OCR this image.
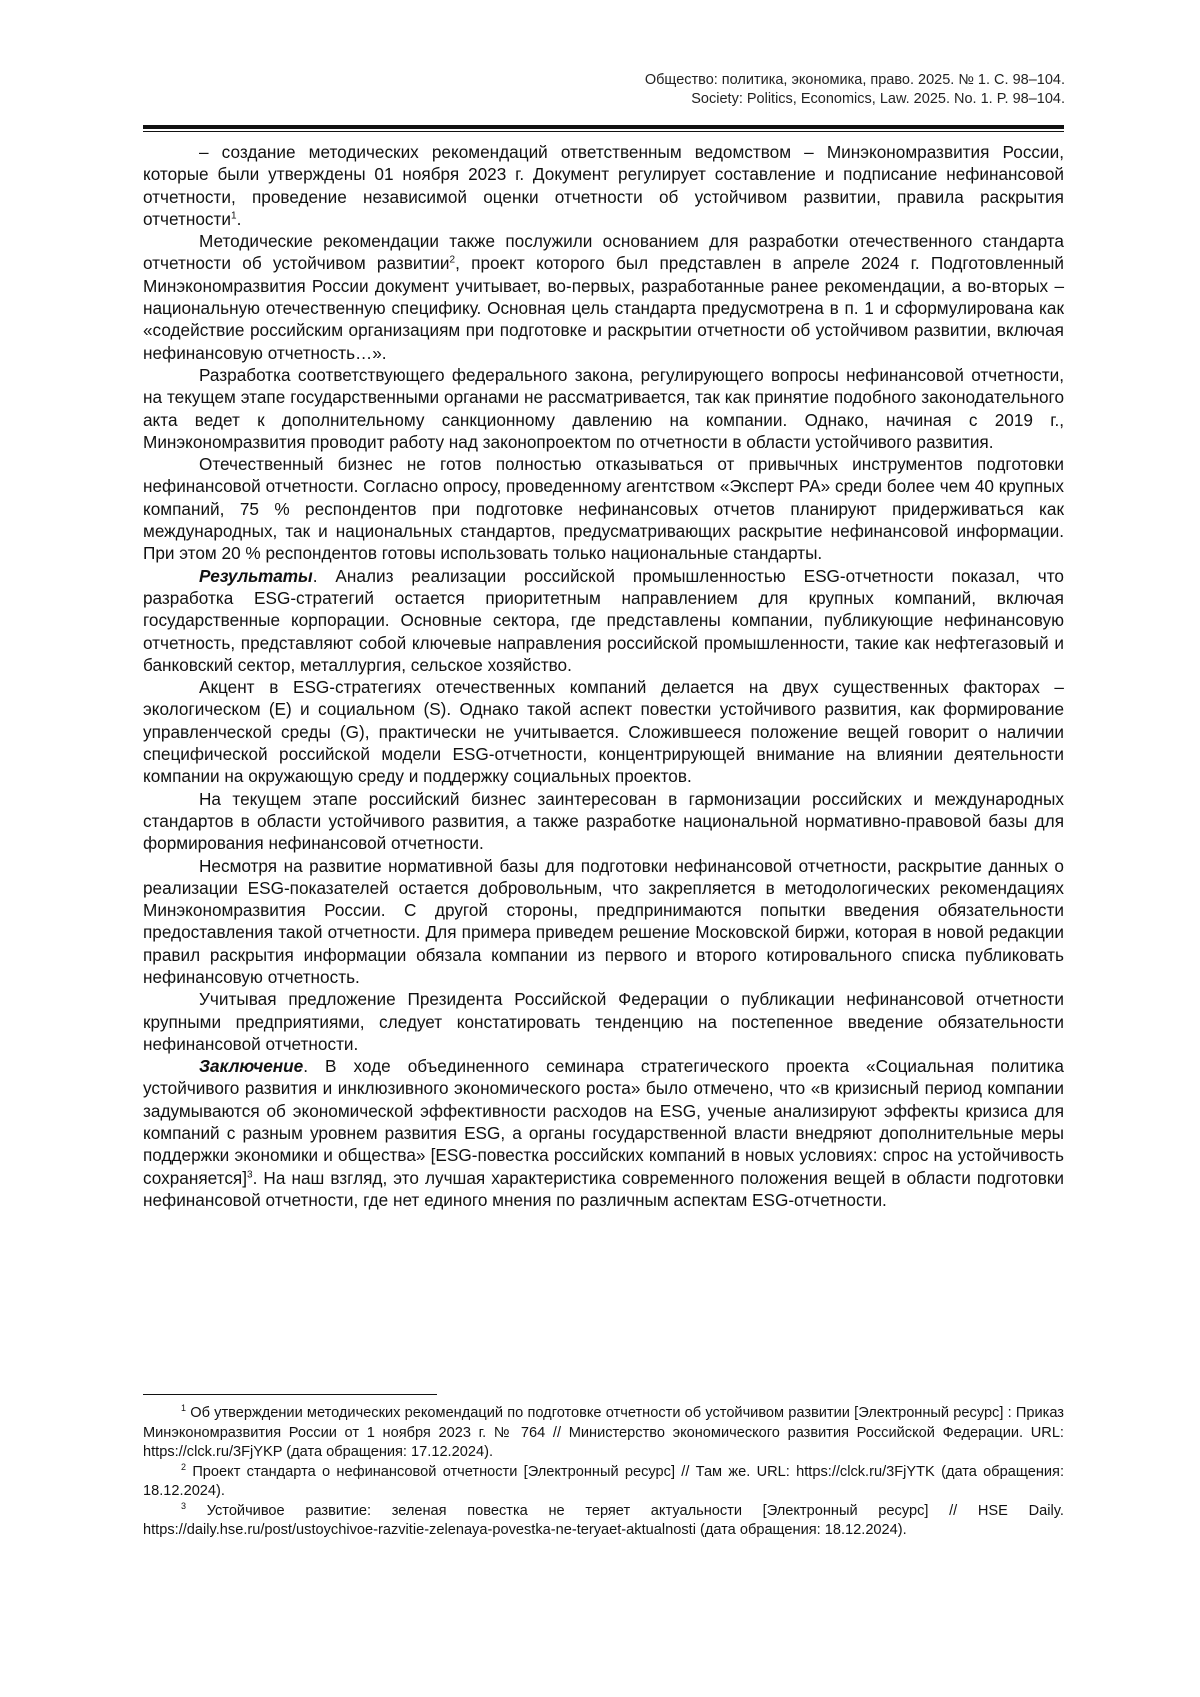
Общество: политика, экономика, право. 2025. № 1. С. 98–104.
Society: Politics, Economics, Law. 2025. No. 1. P. 98–104.

– создание методических рекомендаций ответственным ведомством – Минэкономразвития России, которые были утверждены 01 ноября 2023 г. Документ регулирует составление и подписание нефинансовой отчетности, проведение независимой оценки отчетности об устойчивом развитии, правила раскрытия отчетности$^1$.

Методические рекомендации также послужили основанием для разработки отечественного стандарта отчетности об устойчивом развитии$^2$, проект которого был представлен в апреле 2024 г. Подготовленный Минэкономразвития России документ учитывает, во-первых, разработанные ранее рекомендации, а во-вторых – национальную отечественную специфику. Основная цель стандарта предусмотрена в п. 1 и сформулирована как «содействие российским организациям при подготовке и раскрытии отчетности об устойчивом развитии, включая нефинансовую отчетность…».

Разработка соответствующего федерального закона, регулирующего вопросы нефинансовой отчетности, на текущем этапе государственными органами не рассматривается, так как принятие подобного законодательного акта ведет к дополнительному санкционному давлению на компании. Однако, начиная с 2019 г., Минэкономразвития проводит работу над законопроектом по отчетности в области устойчивого развития.

Отечественный бизнес не готов полностью отказываться от привычных инструментов подготовки нефинансовой отчетности. Согласно опросу, проведенному агентством «Эксперт РА» среди более чем 40 крупных компаний, 75 % респондентов при подготовке нефинансовых отчетов планируют придерживаться как международных, так и национальных стандартов, предусматривающих раскрытие нефинансовой информации. При этом 20 % респондентов готовы использовать только национальные стандарты.

Результаты. Анализ реализации российской промышленностью ESG-отчетности показал, что разработка ESG-стратегий остается приоритетным направлением для крупных компаний, включая государственные корпорации. Основные сектора, где представлены компании, публикующие нефинансовую отчетность, представляют собой ключевые направления российской промышленности, такие как нефтегазовый и банковский сектор, металлургия, сельское хозяйство.

Акцент в ESG-стратегиях отечественных компаний делается на двух существенных факторах – экологическом (E) и социальном (S). Однако такой аспект повестки устойчивого развития, как формирование управленческой среды (G), практически не учитывается. Сложившееся положение вещей говорит о наличии специфической российской модели ESG-отчетности, концентрирующей внимание на влиянии деятельности компании на окружающую среду и поддержку социальных проектов.

На текущем этапе российский бизнес заинтересован в гармонизации российских и международных стандартов в области устойчивого развития, а также разработке национальной нормативно-правовой базы для формирования нефинансовой отчетности.

Несмотря на развитие нормативной базы для подготовки нефинансовой отчетности, раскрытие данных о реализации ESG-показателей остается добровольным, что закрепляется в методологических рекомендациях Минэкономразвития России. С другой стороны, предпринимаются попытки введения обязательности предоставления такой отчетности. Для примера приведем решение Московской биржи, которая в новой редакции правил раскрытия информации обязала компании из первого и второго котировального списка публиковать нефинансовую отчетность.

Учитывая предложение Президента Российской Федерации о публикации нефинансовой отчетности крупными предприятиями, следует констатировать тенденцию на постепенное введение обязательности нефинансовой отчетности.

Заключение. В ходе объединенного семинара стратегического проекта «Социальная политика устойчивого развития и инклюзивного экономического роста» было отмечено, что «в кризисный период компании задумываются об экономической эффективности расходов на ESG, ученые анализируют эффекты кризиса для компаний с разным уровнем развития ESG, а органы государственной власти внедряют дополнительные меры поддержки экономики и общества» [ESG-повестка российских компаний в новых условиях: спрос на устойчивость сохраняется]$^3$. На наш взгляд, это лучшая характеристика современного положения вещей в области подготовки нефинансовой отчетности, где нет единого мнения по различным аспектам ESG-отчетности.

$^1$ Об утверждении методических рекомендаций по подготовке отчетности об устойчивом развитии [Электронный ресурс] : Приказ Минэкономразвития России от 1 ноября 2023 г. № 764 // Министерство экономического развития Российской Федерации. URL: https://clck.ru/3FjYKP (дата обращения: 17.12.2024).

$^2$ Проект стандарта о нефинансовой отчетности [Электронный ресурс] // Там же. URL: https://clck.ru/3FjYTK (дата обращения: 18.12.2024).

$^3$ Устойчивое развитие: зеленая повестка не теряет актуальности [Электронный ресурс] // HSE Daily. https://daily.hse.ru/post/ustoychivoe-razvitie-zelenaya-povestka-ne-teryaet-aktualnosti (дата обращения: 18.12.2024).
